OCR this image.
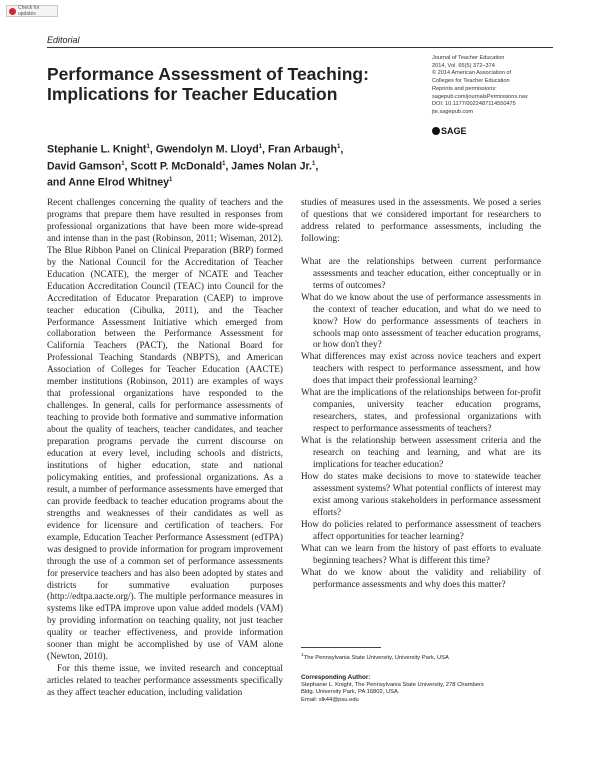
Check for updates
Editorial
Performance Assessment of Teaching: Implications for Teacher Education
Journal of Teacher Education
2014, Vol. 65(5) 372–374
© 2014 American Association of
Colleges for Teacher Education
Reprints and permissions:
sagepub.com/journalsPermissions.nav
DOI: 10.1177/0022487114550475
jte.sagepub.com
SAGE
Stephanie L. Knight$^1$, Gwendolyn M. Lloyd$^1$, Fran Arbaugh$^1$,
David Gamson$^1$, Scott P. McDonald$^1$, James Nolan Jr.$^1$,
and Anne Elrod Whitney$^1$

Recent challenges concerning the quality of teachers and the programs that prepare them have resulted in responses from professional organizations that have been more wide-spread and intense than in the past (Robinson, 2011; Wiseman, 2012). The Blue Ribbon Panel on Clinical Preparation (BRP) formed by the National Council for the Accreditation of Teacher Education (NCATE), the merger of NCATE and Teacher Education Accreditation Council (TEAC) into Council for the Accreditation of Educator Preparation (CAEP) to improve teacher education (Cibulka, 2011), and the Teacher Performance Assessment Initiative which emerged from collaboration between the Performance Assessment for California Teachers (PACT), the National Board for Professional Teaching Standards (NBPTS), and American Association of Colleges for Teacher Education (AACTE) member institutions (Robinson, 2011) are examples of ways that professional organizations have responded to the challenges. In general, calls for performance assessments of teaching to provide both formative and summative information about the quality of teachers, teacher candidates, and teacher preparation programs pervade the current discourse on education at every level, including schools and districts, institutions of higher education, state and national policymaking entities, and professional organizations. As a result, a number of performance assessments have emerged that can provide feedback to teacher education programs about the strengths and weaknesses of their candidates as well as evidence for licensure and certification of teachers. For example, Education Teacher Performance Assessment (edTPA) was designed to provide information for program improvement through the use of a common set of performance assessments for preservice teachers and has also been adopted by states and districts for summative evaluation purposes (http://edtpa.aacte.org/). The multiple performance measures in systems like edTPA improve upon value added models (VAM) by providing information on teaching quality, not just teacher quality or teacher effectiveness, and provide information sooner than might be accomplished by use of VAM alone (Newton, 2010).

For this theme issue, we invited research and conceptual articles related to teacher performance assessments specifically as they affect teacher education, including validation

studies of measures used in the assessments. We posed a series of questions that we considered important for researchers to address related to performance assessments, including the following:

What are the relationships between current performance assessments and teacher education, either conceptually or in terms of outcomes?
What do we know about the use of performance assessments in the context of teacher education, and what do we need to know? How do performance assessments of teachers in schools map onto assessment of teacher education programs, or how don't they?
What differences may exist across novice teachers and expert teachers with respect to performance assessment, and how does that impact their professional learning?
What are the implications of the relationships between for-profit companies, university teacher education programs, researchers, states, and professional organizations with respect to performance assessments of teachers?
What is the relationship between assessment criteria and the research on teaching and learning, and what are its implications for teacher education?
How do states make decisions to move to statewide teacher assessment systems? What potential conflicts of interest may exist among various stakeholders in performance assessment efforts?
How do policies related to performance assessment of teachers affect opportunities for teacher learning?
What can we learn from the history of past efforts to evaluate beginning teachers? What is different this time?
What do we know about the validity and reliability of performance assessments and why does this matter?
$^1$The Pennsylvania State University, University Park, USA
Corresponding Author:
Stephanie L. Knight, The Pennsylvania State University, 278 Chambers
Bldg, University Park, PA 16802, USA.
Email: slk44@psu.edu
